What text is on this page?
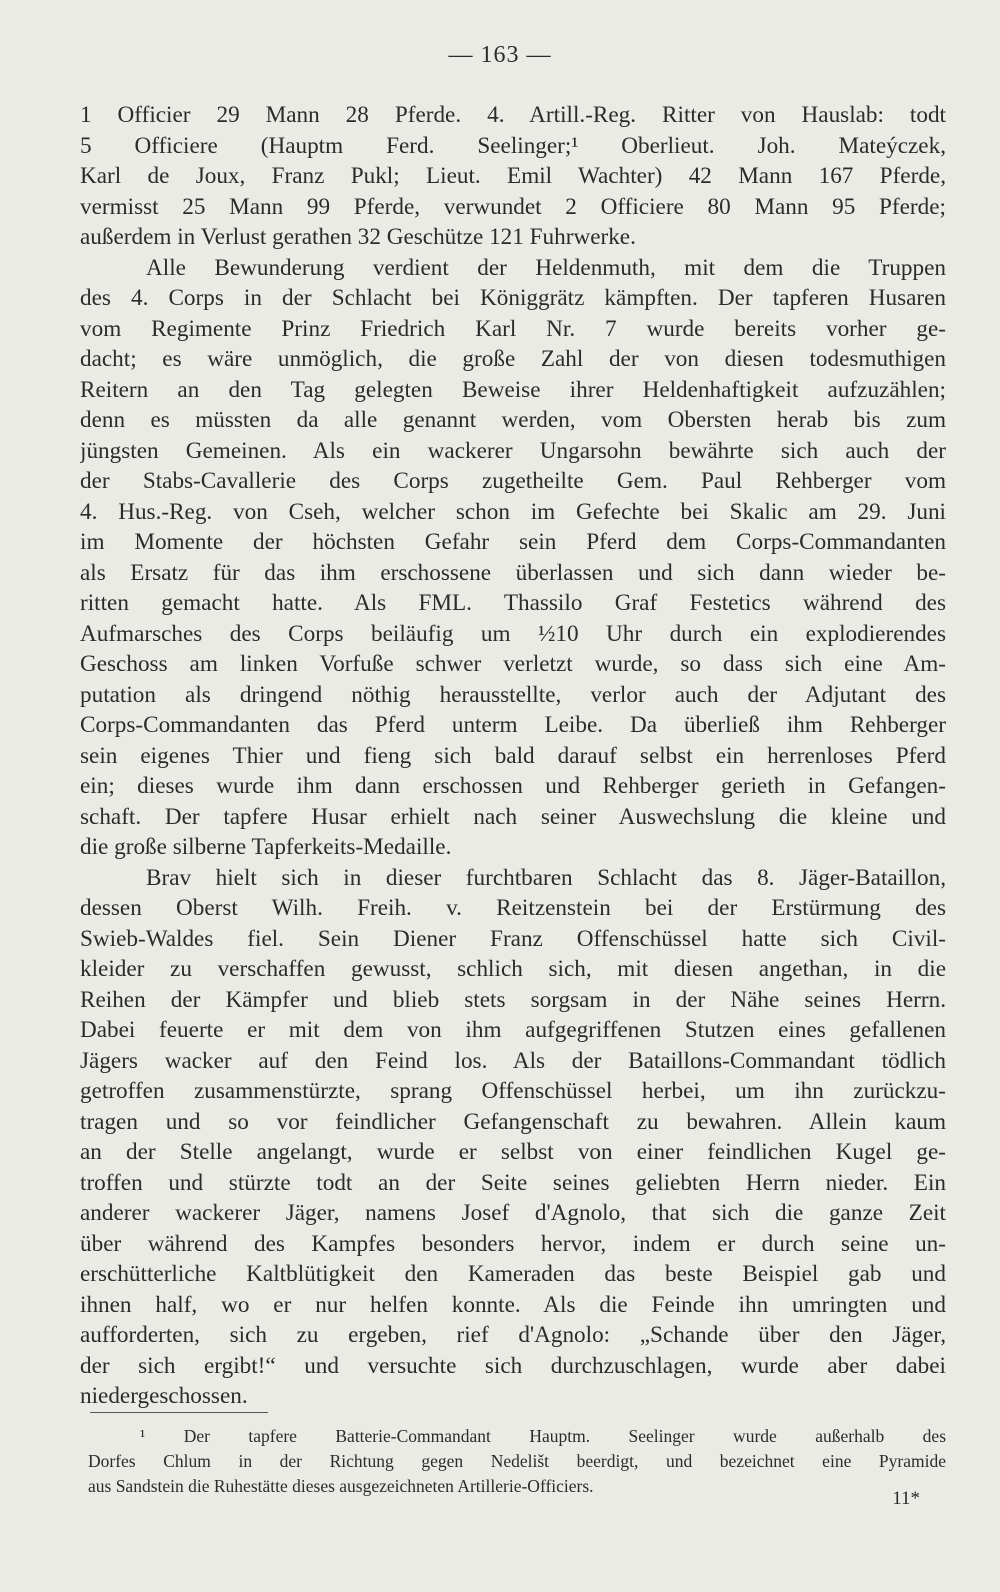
— 163 —
1 Officier 29 Mann 28 Pferde. 4. Artill.-Reg. Ritter von Hauslab: todt
5 Officiere (Hauptm Ferd. Seelinger;¹ Oberlieut. Joh. Mateýczek,
Karl de Joux, Franz Pukl; Lieut. Emil Wachter) 42 Mann 167 Pferde,
vermisst 25 Mann 99 Pferde, verwundet 2 Officiere 80 Mann 95 Pferde;
außerdem in Verlust gerathen 32 Geschütze 121 Fuhrwerke.
Alle Bewunderung verdient der Heldenmuth, mit dem die Truppen
des 4. Corps in der Schlacht bei Königgrätz kämpften. Der tapferen Husaren
vom Regimente Prinz Friedrich Karl Nr. 7 wurde bereits vorher ge-
dacht; es wäre unmöglich, die große Zahl der von diesen todesmuthigen
Reitern an den Tag gelegten Beweise ihrer Heldenhaftigkeit aufzuzählen;
denn es müssten da alle genannt werden, vom Obersten herab bis zum
jüngsten Gemeinen. Als ein wackerer Ungarsohn bewährte sich auch der
der Stabs-Cavallerie des Corps zugetheilte Gem. Paul Rehberger vom
4. Hus.-Reg. von Cseh, welcher schon im Gefechte bei Skalic am 29. Juni
im Momente der höchsten Gefahr sein Pferd dem Corps-Commandanten
als Ersatz für das ihm erschossene überlassen und sich dann wieder be-
ritten gemacht hatte. Als FML. Thassilo Graf Festetics während des
Aufmarsches des Corps beiläufig um ½10 Uhr durch ein explodierendes
Geschoss am linken Vorfuße schwer verletzt wurde, so dass sich eine Am-
putation als dringend nöthig herausstellte, verlor auch der Adjutant des
Corps-Commandanten das Pferd unterm Leibe. Da überließ ihm Rehberger
sein eigenes Thier und fieng sich bald darauf selbst ein herrenloses Pferd
ein; dieses wurde ihm dann erschossen und Rehberger gerieth in Gefangen-
schaft. Der tapfere Husar erhielt nach seiner Auswechslung die kleine und
die große silberne Tapferkeits-Medaille.
Brav hielt sich in dieser furchtbaren Schlacht das 8. Jäger-Bataillon,
dessen Oberst Wilh. Freih. v. Reitzenstein bei der Erstürmung des
Swieb-Waldes fiel. Sein Diener Franz Offenschüssel hatte sich Civil-
kleider zu verschaffen gewusst, schlich sich, mit diesen angethan, in die
Reihen der Kämpfer und blieb stets sorgsam in der Nähe seines Herrn.
Dabei feuerte er mit dem von ihm aufgegriffenen Stutzen eines gefallenen
Jägers wacker auf den Feind los. Als der Bataillons-Commandant tödlich
getroffen zusammenstürzte, sprang Offenschüssel herbei, um ihn zurückzu-
tragen und so vor feindlicher Gefangenschaft zu bewahren. Allein kaum
an der Stelle angelangt, wurde er selbst von einer feindlichen Kugel ge-
troffen und stürzte todt an der Seite seines geliebten Herrn nieder. Ein
anderer wackerer Jäger, namens Josef d'Agnolo, that sich die ganze Zeit
über während des Kampfes besonders hervor, indem er durch seine un-
erschütterliche Kaltblütigkeit den Kameraden das beste Beispiel gab und
ihnen half, wo er nur helfen konnte. Als die Feinde ihn umringten und
aufforderten, sich zu ergeben, rief d'Agnolo: „Schande über den Jäger,
der sich ergibt!“ und versuchte sich durchzuschlagen, wurde aber dabei
niedergeschossen.
¹ Der tapfere Batterie-Commandant Hauptm. Seelinger wurde außerhalb des
Dorfes Chlum in der Richtung gegen Nedelišt beerdigt, und bezeichnet eine Pyramide
aus Sandstein die Ruhestätte dieses ausgezeichneten Artillerie-Officiers.
11*
